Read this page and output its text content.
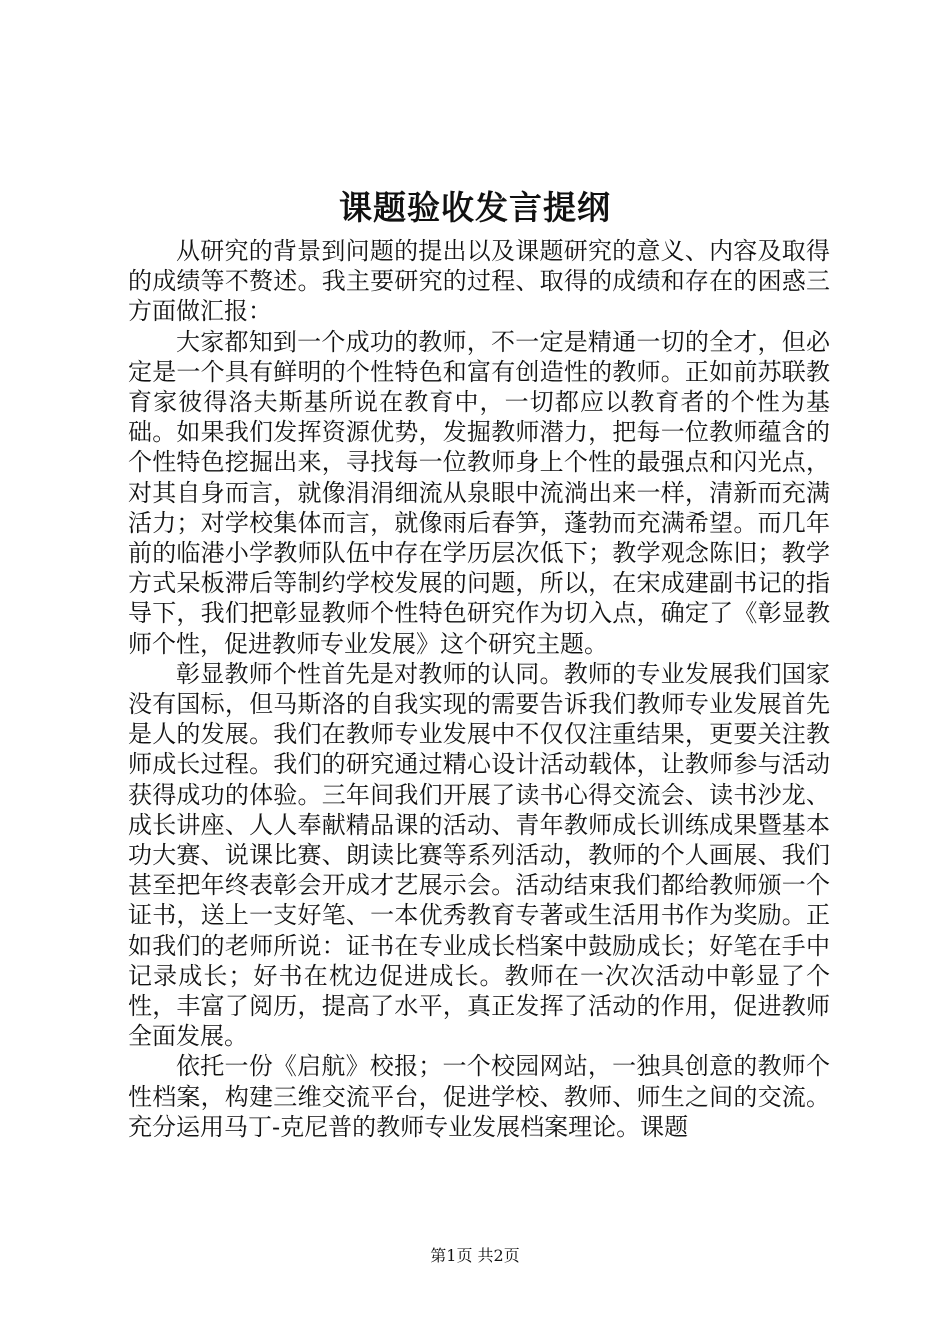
课题验收发言提纲

从研究的背景到问题的提出以及课题研究的意义、内容及取得的成绩等不赘述。我主要研究的过程、取得的成绩和存在的困惑三方面做汇报：

大家都知到一个成功的教师，不一定是精通一切的全才，但必定是一个具有鲜明的个性特色和富有创造性的教师。正如前苏联教育家彼得洛夫斯基所说在教育中，一切都应以教育者的个性为基础。如果我们发挥资源优势，发掘教师潜力，把每一位教师蕴含的个性特色挖掘出来，寻找每一位教师身上个性的最强点和闪光点，对其自身而言，就像涓涓细流从泉眼中流淌出来一样，清新而充满活力；对学校集体而言，就像雨后春笋，蓬勃而充满希望。而几年前的临港小学教师队伍中存在学历层次低下；教学观念陈旧；教学方式呆板滞后等制约学校发展的问题，所以，在宋成建副书记的指导下，我们把彰显教师个性特色研究作为切入点，确定了《彰显教师个性，促进教师专业发展》这个研究主题。

彰显教师个性首先是对教师的认同。教师的专业发展我们国家没有国标，但马斯洛的自我实现的需要告诉我们教师专业发展首先是人的发展。我们在教师专业发展中不仅仅注重结果，更要关注教师成长过程。我们的研究通过精心设计活动载体，让教师参与活动获得成功的体验。三年间我们开展了读书心得交流会、读书沙龙、成长讲座、人人奉献精品课的活动、青年教师成长训练成果暨基本功大赛、说课比赛、朗读比赛等系列活动，教师的个人画展、我们甚至把年终表彰会开成才艺展示会。活动结束我们都给教师颁一个证书，送上一支好笔、一本优秀教育专著或生活用书作为奖励。正如我们的老师所说：证书在专业成长档案中鼓励成长；好笔在手中记录成长；好书在枕边促进成长。教师在一次次活动中彰显了个性，丰富了阅历，提高了水平，真正发挥了活动的作用，促进教师全面发展。

依托一份《启航》校报；一个校园网站，一独具创意的教师个性档案，构建三维交流平台，促进学校、教师、师生之间的交流。充分运用马丁-克尼普的教师专业发展档案理论。课题

第1页 共2页
